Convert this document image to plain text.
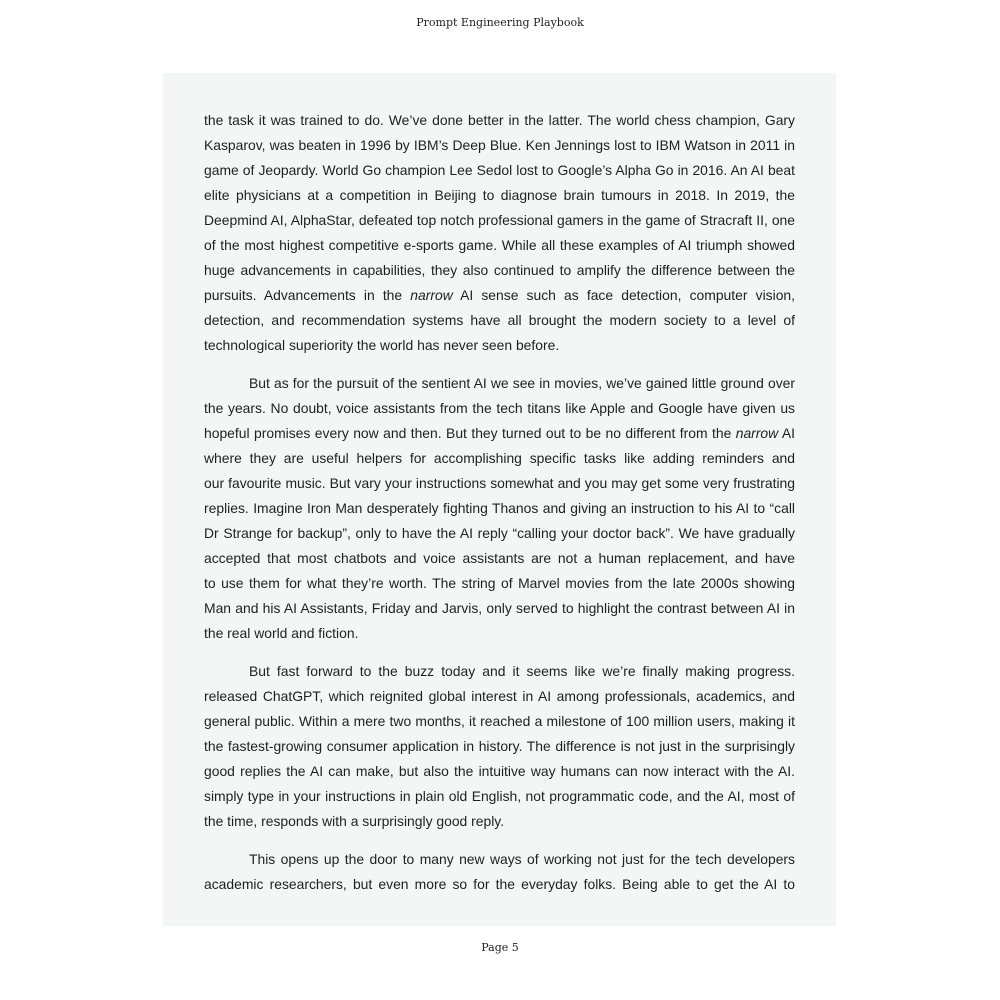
Prompt Engineering Playbook
the task it was trained to do. We’ve done better in the latter. The world chess champion, Gary
Kasparov, was beaten in 1996 by IBM’s Deep Blue. Ken Jennings lost to IBM Watson in 2011 in
game of Jeopardy. World Go champion Lee Sedol lost to Google’s Alpha Go in 2016. An AI beat
elite physicians at a competition in Beijing to diagnose brain tumours in 2018. In 2019, the
Deepmind AI, AlphaStar, defeated top notch professional gamers in the game of Stracraft II, one
of the most highest competitive e-sports game. While all these examples of AI triumph showed
huge advancements in capabilities, they also continued to amplify the difference between the
pursuits. Advancements in the narrow AI sense such as face detection, computer vision,
detection, and recommendation systems have all brought the modern society to a level of
technological superiority the world has never seen before.
But as for the pursuit of the sentient AI we see in movies, we’ve gained little ground over
the years. No doubt, voice assistants from the tech titans like Apple and Google have given us
hopeful promises every now and then. But they turned out to be no different from the narrow AI
where they are useful helpers for accomplishing specific tasks like adding reminders and
our favourite music. But vary your instructions somewhat and you may get some very frustrating
replies. Imagine Iron Man desperately fighting Thanos and giving an instruction to his AI to “call
Dr Strange for backup”, only to have the AI reply “calling your doctor back”. We have gradually
accepted that most chatbots and voice assistants are not a human replacement, and have
to use them for what they’re worth. The string of Marvel movies from the late 2000s showing
Man and his AI Assistants, Friday and Jarvis, only served to highlight the contrast between AI in
the real world and fiction.
But fast forward to the buzz today and it seems like we’re finally making progress.
released ChatGPT, which reignited global interest in AI among professionals, academics, and
general public. Within a mere two months, it reached a milestone of 100 million users, making it
the fastest-growing consumer application in history. The difference is not just in the surprisingly
good replies the AI can make, but also the intuitive way humans can now interact with the AI.
simply type in your instructions in plain old English, not programmatic code, and the AI, most of
the time, responds with a surprisingly good reply.
This opens up the door to many new ways of working not just for the tech developers
academic researchers, but even more so for the everyday folks. Being able to get the AI to
Page 5
